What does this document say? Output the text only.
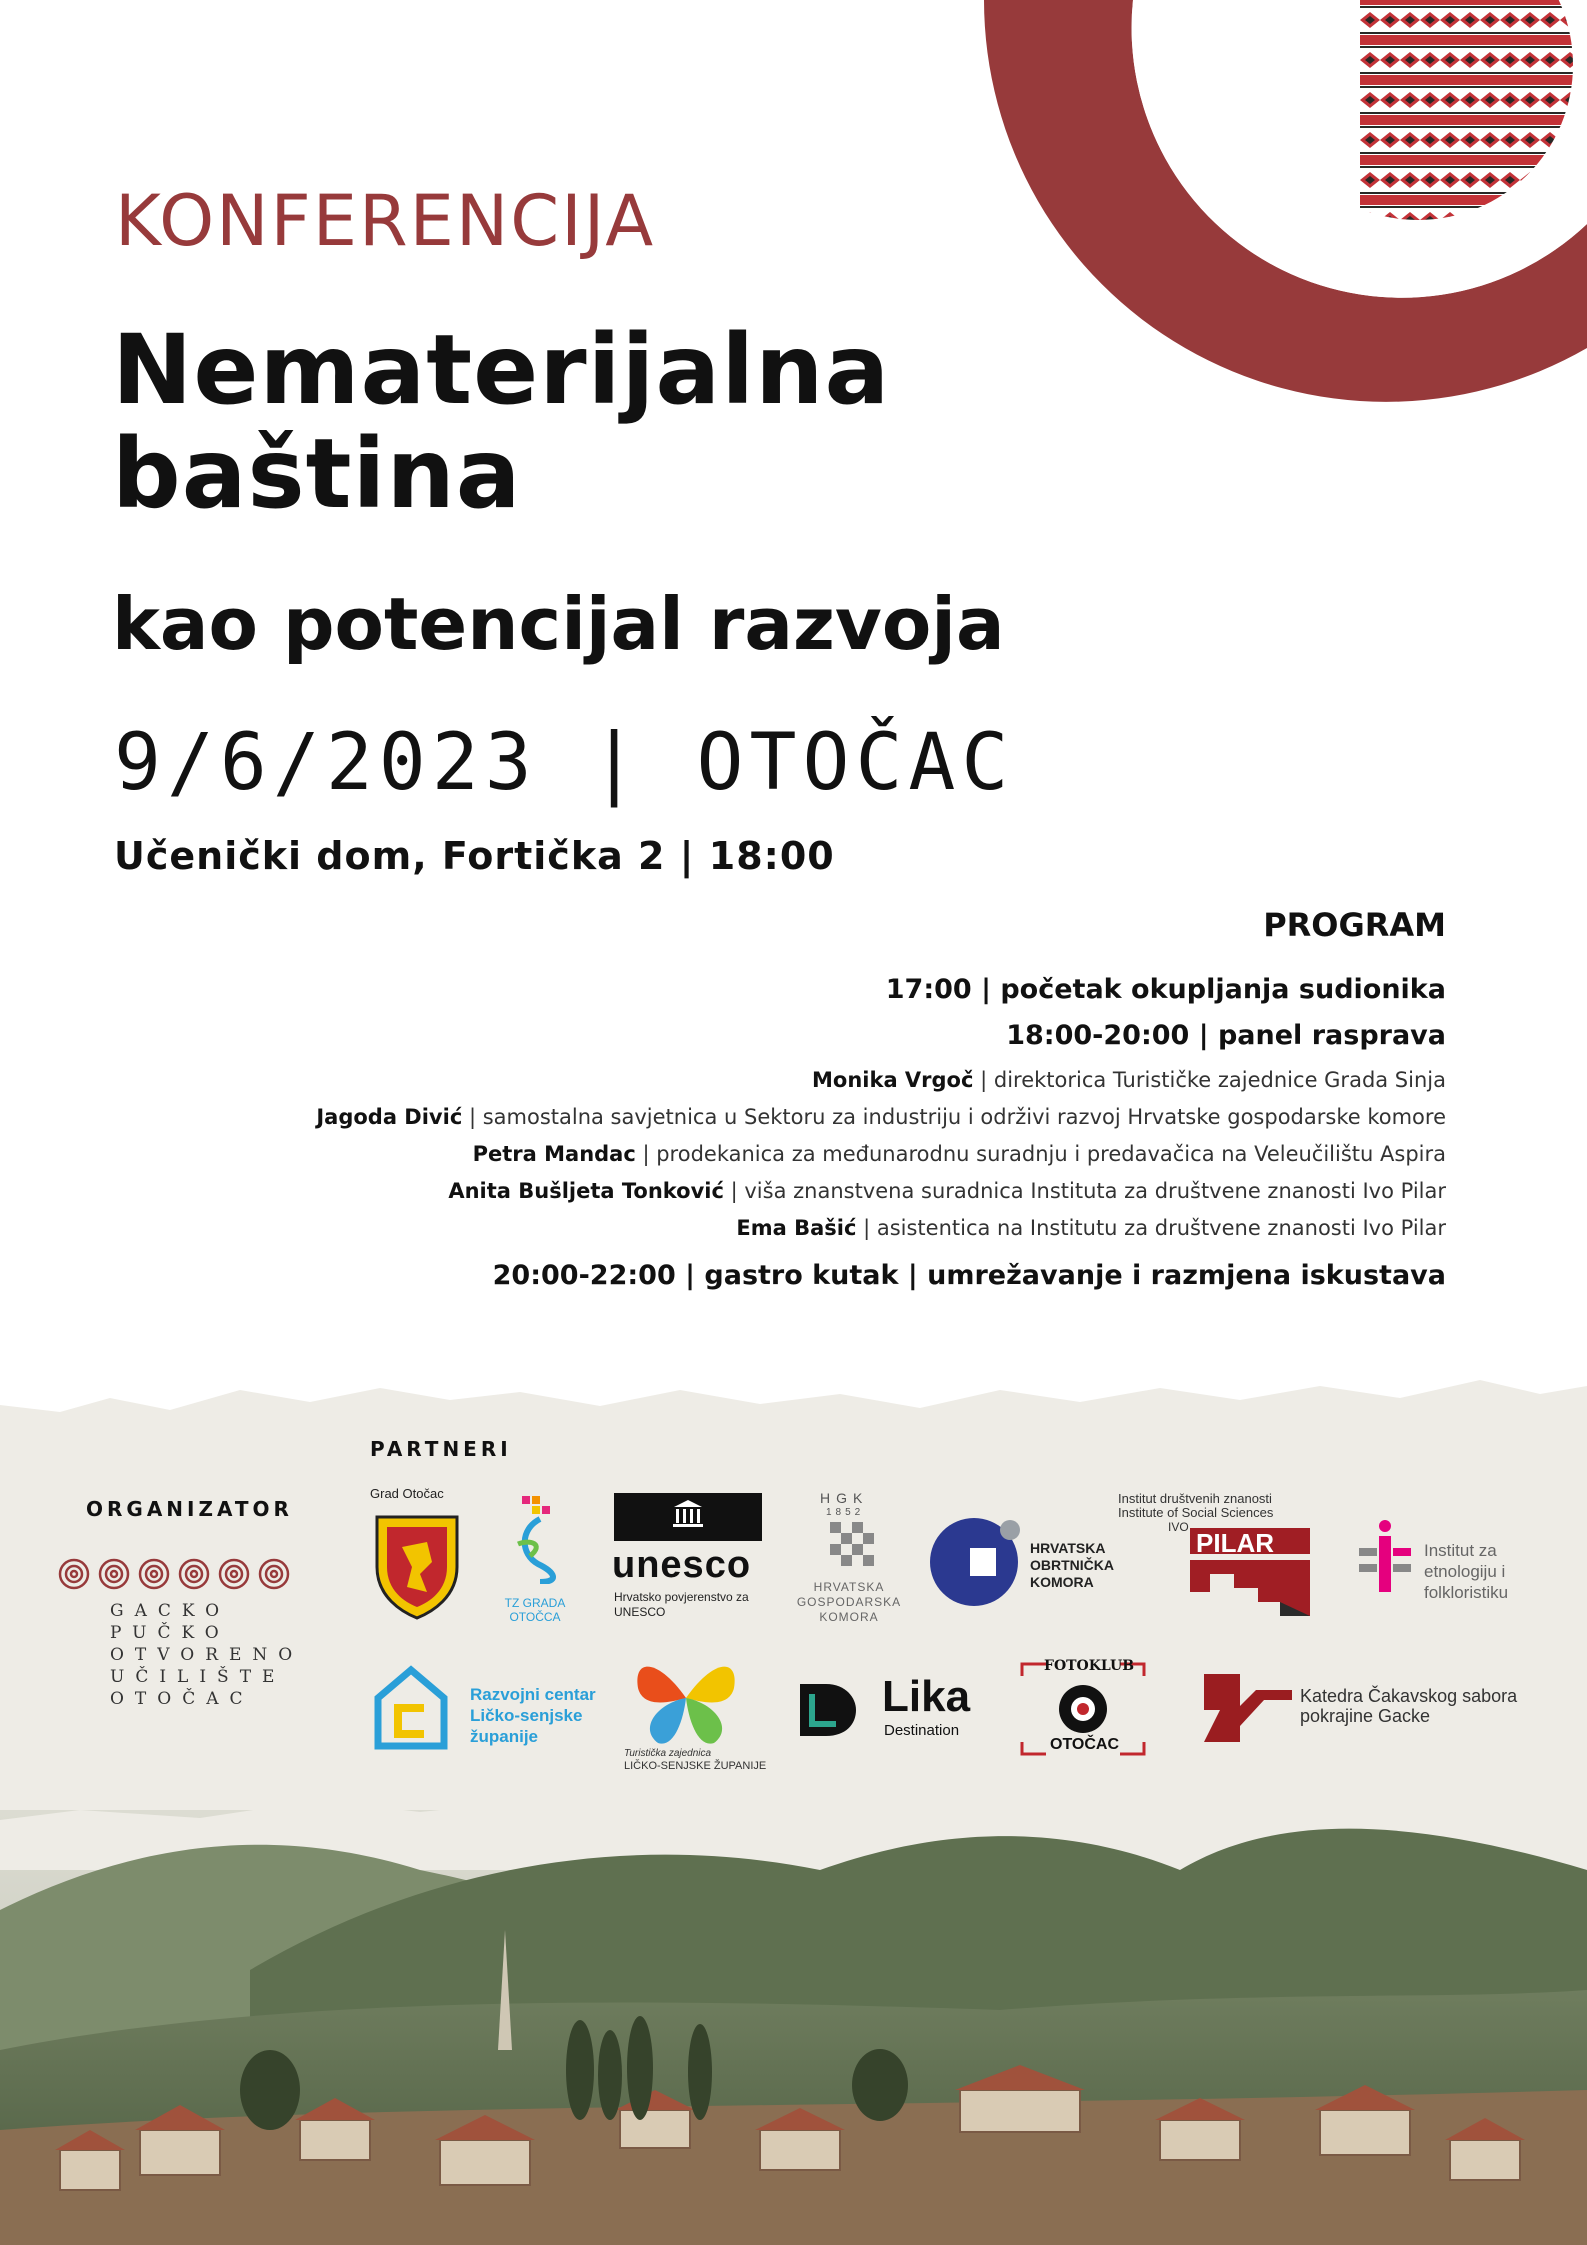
KONFERENCIJA
Nematerijalna
baština
kao potencijal razvoja
9/6/2023 | OTOČAC
Učenički dom, Fortička 2 | 18:00
PROGRAM
17:00 | početak okupljanja sudionika
18:00-20:00 | panel rasprava
Monika Vrgoč | direktorica Turističke zajednice Grada Sinja
Jagoda Divić | samostalna savjetnica u Sektoru za industriju i održivi razvoj Hrvatske gospodarske komore
Petra Mandac | prodekanica za međunarodnu suradnju i predavačica na Veleučilištu Aspira
Anita Bušljeta Tonković | viša znanstvena suradnica Instituta za društvene znanosti Ivo Pilar
Ema Bašić | asistentica na Institutu za društvene znanosti Ivo Pilar
20:00-22:00 | gastro kutak | umrežavanje i razmjena iskustava
ORGANIZATOR
GACKO
PUČKO
OTVORENO
UČILIŠTE
OTOČAC
PARTNERI
Grad Otočac
TZ GRADA OTOČCA
unesco
Hrvatsko povjerenstvo za UNESCO
HGK
1852
HRVATSKA GOSPODARSKA KOMORA
HRVATSKA OBRTNIČKA KOMORA
Institut društvenih znanosti
Institute of Social Sciences
IVO
PILAR	Institut za etnologiju i folkloristiku
Razvojni centar Ličko-senjske županije
Turistička zajednica
LIČKO-SENJSKE ŽUPANIJE
Lika
Destination
FOTOKLUB
OTOČAC
Katedra Čakavskog sabora pokrajine Gacke
